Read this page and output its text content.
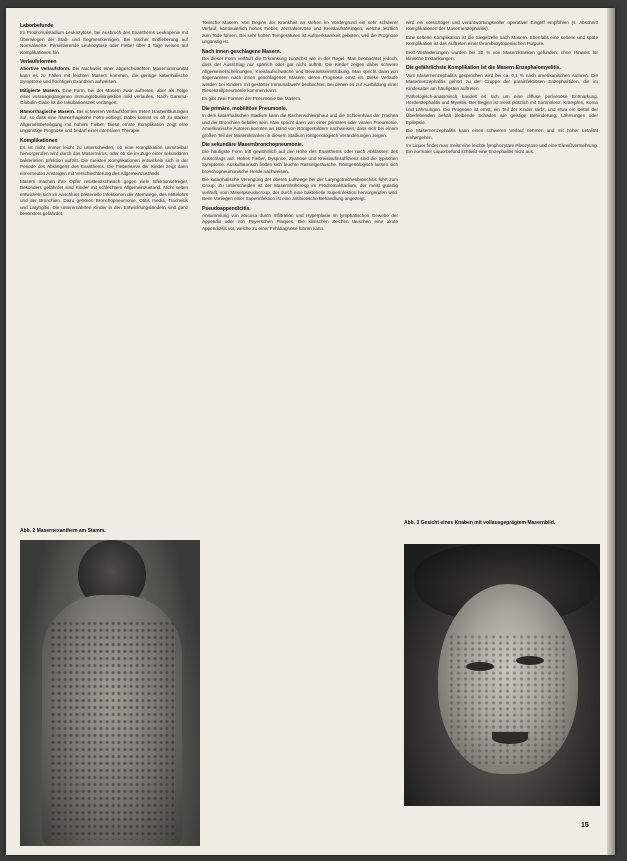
Laborbefunde

Im Prodromalstadium Leukozytose, bei Ausbruch des Exanthems Leukopenie mit Überwiegen der Stab- und Segmentkernigen. Bei rascher Entfieberung auf Normalwerte. Persistierende Leukozytose oder Fieber über 3 Tage weisen auf Komplikationen hin.

Verlaufsformen

Abortive Verlaufsform. Bei Nachweis einer abgeschwächten Masernimmunität kann es zu Fällen mit leichten Masern kommen, die geringe katarrhalische Symptome und flüchtigen Exanthem aufweisen.

Mitigierte Masern. Eine Form, bei der Masern zwar auftreten, aber als Folge einer vorausgegangenen Immunglobulininjektion mild verlaufen. Nach Gamma-Globulin-Gabe ist die Inkubationszeit verlängert.

Hämorrhagische Masern. Bei schweren Verlaufsformen treten Hauteinblutungen auf, so dass eine hämorrhagische Form vorliegt. Dabei kommt es oft zu starker Allgemeinbeteiligung mit hohem Fieber. Diese ernste Komplikation zeigt eine ungünstige Prognose und bedarf einer intensiven Therapie.

Komplikationen

Es ist nicht immer leicht zu unterscheiden, ob eine Komplikation unmittelbar hervorgerufen wird durch das Masernvirus, oder ob sie im Zuge einer sekundären bakteriellen Infektion auftritt. Die meisten Komplikationen entwickeln sich in der Periode des Abklingens des Exanthems. Die Fieberkurve der Kinder zeigt dann ein erneutes Ansteigen mit Verschlechterung des Allgemeinzustands.

Masern machen ihre Opfer resistenzschwach gegen viele Infektionserreger. Besonders gefährdet sind Kinder mit schlechtem Allgemeinzustand. Nicht selten entwickeln sich im Anschluss bakterielle Infektionen der Atemwege, des Mittelohrs und der Bronchien. Dazu gehören Bronchopneumonie, Otitis media, Tracheitis und Laryngitis. Die unterernährten Kinder in den Entwicklungsländern sind ganz besonders gefährdet.

Abb. 2 Masernexanthem am Stamm.

Toxische Masern. Von Beginn der Krankheit an stehen im Vordergrund ein sehr schwerer Verlauf, kontinuierlich hohes Fieber, zentralnervöse und Kreislaufstörungen, welche letztlich zum Tode führen. Bei sehr hohen Temperaturen ist Aufmerksamkeit geboten, weil die Prognose ungünstig ist.

Nach innen geschlagene Masern.

Bei dieser Form verläuft die Erkrankung zunächst wie in der Regel. Man beobachtet jedoch, dass der Ausschlag nur spärlich oder gar nicht auftritt. Die Kinder zeigen dabei schwere Allgemeinerscheinungen, Kreislaufschwäche und Bewusstseinstrübung. Man spricht dann von sogenannten nach innen geschlagenen Masern, deren Prognose ernst ist. Diese Verläufe werden bei Kindern mit gestörter Immunabwehr beobachtet, bei denen es zur Ausbildung einer Riesenzellpneumonie kommen kann.

Es gibt zwei Formen der Pneumonie bei Masern.

Die primäre, mobilitöse Pneumonie.

In dem katarrhalischen Stadium kann die Rachenschleimhaut und die Schleimhaut der Trachea und der Bronchien befallen sein. Man spricht dann von einer primären oder viralen Pneumonie. Amerikanische Autoren konnten an Hand von Röntgenbildern nachweisen, dass sich bei einem großen Teil der Masernkranken in diesem Stadium röntgenologisch Veränderungen zeigen.

Die sekundäre Masernbronchopneumonie.

Die häufigste Form tritt gewöhnlich auf der Höhe des Exanthems oder nach Abklassen des Ausschlags auf. Hohes Fieber, Dyspnoe, Zyanose und Kreislaufinsuffizienz sind die typischen Symptome. Auskultatorisch finden sich feuchte Rasselgeräusche. Röntgenologisch lassen sich bronchopneumonische Herde nachweisen.

Die katarrhalische Verengung der oberen Luftwege bei der Laryngotracheobronchitis führt zum Croup. Zu unterscheiden ist der Masernfrühcroup im Prodromalstadium, der meist gutartig verläuft, vom Maserpseudocroup, der durch eine bakterielle Superinfektion hervorgerufen wird. Beim Vorliegen einer Superinfektion ist eine antibiotische Behandlung angezeigt.

Pseudoappendicitis.

Ansammlung von Mucosa durch Infiltration und Hyperplasie im lymphatischen Gewebe der Appendix oder von Peyerschen Plaques. Die klinischen Zeichen täuschen eine akute Appendizitis vor, welche zu einer Fehldiagnose führen kann.

wird ein vorsichtiger und verantwortungsvoller operativer Eingriff empfohlen (s. Abschnitt Komplikationen der Masernenzephalitis).

Eine seltene Komplikation ist die Siegelzelle nach Masern. Ebenfalls eine seltene und späte Komplikation ist das Auftreten einer thrombozytopenischen Purpura.

EKG-Veränderungen wurden bei 30 % von Masernkranken gefunden; ohne Hinweis für klinische Erkrankungen.

Die gefährlichste Komplikation ist die Masern-Enzephalomyelitis.

Vom Masernenzephalitis gesprochen wird bei ca. 0,1 % nach amerikanischen Autoren. Die Masernenzephalitis gehört zu der Gruppe der parainfektiösen Enzephalitiden, die im Kindesalter am häufigsten auftreten.

Pathologisch-anatomisch handelt es sich um eine diffuse perivenöse Entmarkung, Herdenzephalitis und Myelitis. Der Beginn ist meist plötzlich mit Somnolenz, Krämpfen, Koma und Lähmungen. Die Prognose ist ernst; ein Teil der Kinder stirbt, und etwa ein Drittel der Überlebenden behält bleibende Schäden wie geistige Behinderung, Lähmungen oder Epilepsie.

Die Masernenzephalitis kann einen schweren Verlauf nehmen und mit hoher Letalität einhergehen.

Im Liquor findet man meist eine leichte lymphozytäre Pleozytose und eine Eiweißvermehrung. Ein normaler Liquorbefund schließt eine Enzephalitis nicht aus.

Abb. 3 Gesicht eines Knaben mit vollausgeprägtem Masernbild.
15
